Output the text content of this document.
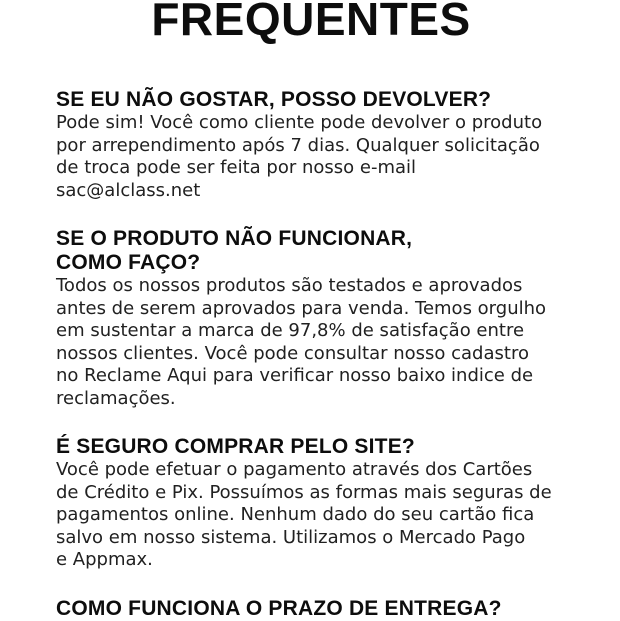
FREQUENTES
SE EU NÃO GOSTAR, POSSO DEVOLVER?
Pode sim! Você como cliente pode devolver o produto
por arrependimento após 7 dias. Qualquer solicitação
de troca pode ser feita por nosso e-mail
sac@alclass.net
SE O PRODUTO NÃO FUNCIONAR,
COMO FAÇO?
Todos os nossos produtos são testados e aprovados
antes de serem aprovados para venda. Temos orgulho
em sustentar a marca de 97,8% de satisfação entre
nossos clientes. Você pode consultar nosso cadastro
no Reclame Aqui para verificar nosso baixo indice de
reclamações.
É SEGURO COMPRAR PELO SITE?
Você pode efetuar o pagamento através dos Cartões
de Crédito e Pix. Possuímos as formas mais seguras de
pagamentos online. Nenhum dado do seu cartão fica
salvo em nosso sistema. Utilizamos o Mercado Pago
e Appmax.
COMO FUNCIONA O PRAZO DE ENTREGA?
